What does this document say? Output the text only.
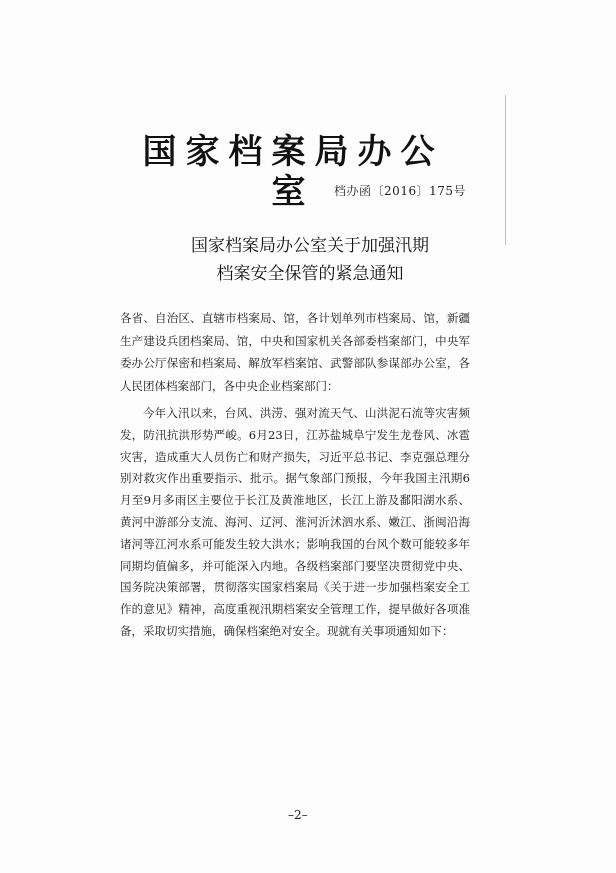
国家档案局办公室	档办函〔2016〕175号
国家档案局办公室关于加强汛期
档案安全保管的紧急通知
各省、自治区、直辖市档案局、馆，各计划单列市档案局、馆，新疆生产建设兵团档案局、馆，中央和国家机关各部委档案部门，中央军委办公厅保密和档案局、解放军档案馆、武警部队参谋部办公室，各人民团体档案部门，各中央企业档案部门：
今年入汛以来，台风、洪涝、强对流天气、山洪泥石流等灾害频发，防汛抗洪形势严峻。6月23日，江苏盐城阜宁发生龙卷风、冰雹灾害，造成重大人员伤亡和财产损失，习近平总书记、李克强总理分别对救灾作出重要指示、批示。据气象部门预报，今年我国主汛期6月至9月多雨区主要位于长江及黄淮地区，长江上游及鄱阳湖水系、黄河中游部分支流、海河、辽河、淮河沂沭泗水系、嫩江、浙闽沿海诸河等江河水系可能发生较大洪水；影响我国的台风个数可能较多年同期均值偏多，并可能深入内地。各级档案部门要坚决贯彻党中央、国务院决策部署，贯彻落实国家档案局《关于进一步加强档案安全工作的意见》精神，高度重视汛期档案安全管理工作，提早做好各项准备，采取切实措施，确保档案绝对安全。现就有关事项通知如下：
–2–
